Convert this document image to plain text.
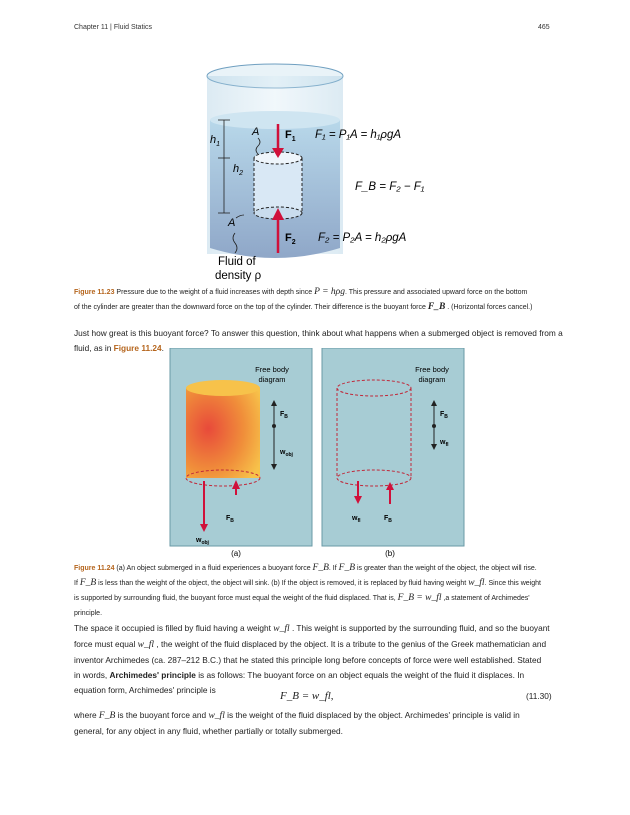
Chapter 11 | Fluid Statics	465
$h_1$
$h_2$
A
A
$F_1$
$F_2$
F₁ = P₁A = h₁ρgA
F_B = F₂ − F₁
F₂ = P₂A = h₂ρgA
Fluid of
density ρ
Figure 11.23 Pressure due to the weight of a fluid increases with depth since P = hρg. This pressure and associated upward force on the bottom
of the cylinder are greater than the downward force on the top of the cylinder. Their difference is the buoyant force F_B . (Horizontal forces cancel.)
Just how great is this buoyant force? To answer this question, think about what happens when a submerged object is removed from a fluid, as in Figure 11.24.
Free body
diagram
$F_B$
$w_{obj}$
$F_B$
$w_{obj}$
Free body
diagram
$w_{fl}$	$F_B$
$F_B$
$w_{fl}$
(a)	(b)
Figure 11.24 (a) An object submerged in a fluid experiences a buoyant force F_B. If F_B is greater than the weight of the object, the object will rise.
If F_B is less than the weight of the object, the object will sink. (b) If the object is removed, it is replaced by fluid having weight w_fl. Since this weight
is supported by surrounding fluid, the buoyant force must equal the weight of the fluid displaced. That is, F_B = w_fl ,a statement of Archimedes'
principle.
The space it occupied is filled by fluid having a weight w_fl . This weight is supported by the surrounding fluid, and so the buoyant
force must equal w_fl , the weight of the fluid displaced by the object. It is a tribute to the genius of the Greek mathematician and
inventor Archimedes (ca. 287–212 B.C.) that he stated this principle long before concepts of force were well established. Stated
in words, Archimedes' principle is as follows: The buoyant force on an object equals the weight of the fluid it displaces. In
equation form, Archimedes' principle is	F_B = w_fl,	(11.30)
where F_B is the buoyant force and w_fl is the weight of the fluid displaced by the object. Archimedes' principle is valid in
general, for any object in any fluid, whether partially or totally submerged.
